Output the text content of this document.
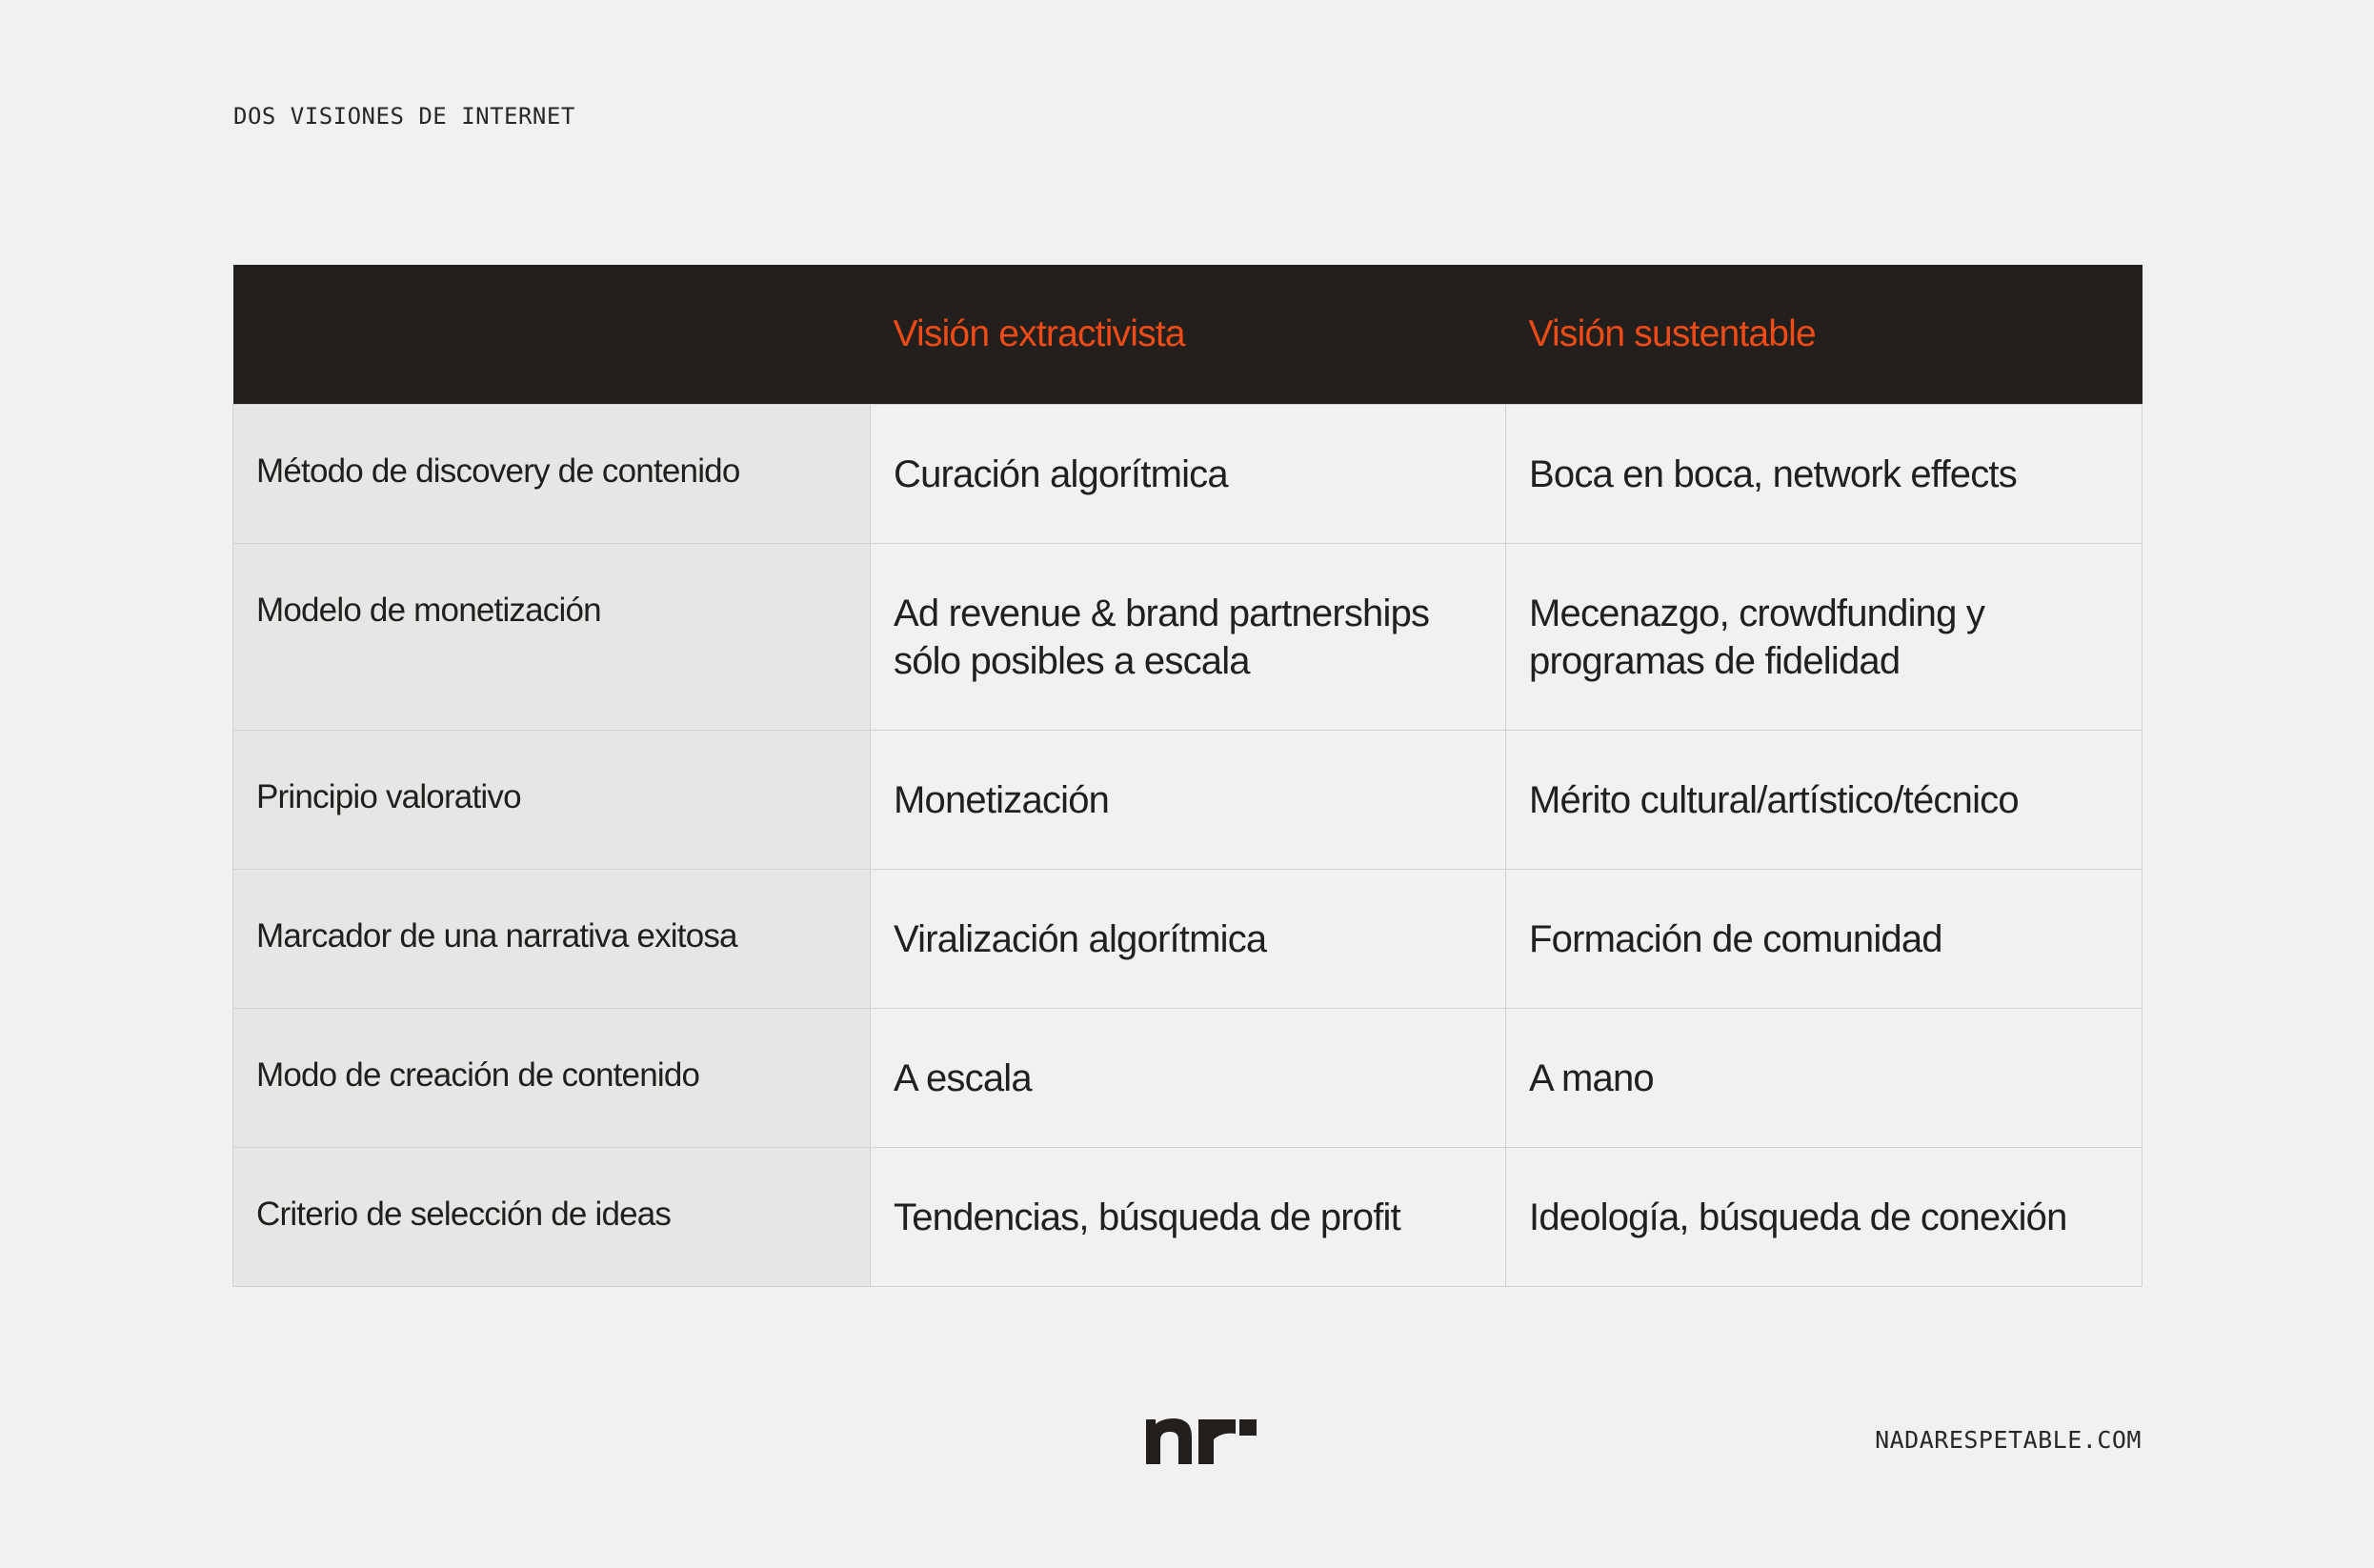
DOS VISIONES DE INTERNET
	Visión extractivista	Visión sustentable
Método de discovery de contenido	Curación algorítmica	Boca en boca, network effects
Modelo de monetización	Ad revenue & brand partnerships sólo posibles a escala	Mecenazgo, crowdfunding y programas de fidelidad
Principio valorativo	Monetización	Mérito cultural/artístico/técnico
Marcador de una narrativa exitosa	Viralización algorítmica	Formación de comunidad
Modo de creación de contenido	A escala	A mano
Criterio de selección de ideas	Tendencias, búsqueda de profit	Ideología, búsqueda de conexión
NADARESPETABLE.COM
